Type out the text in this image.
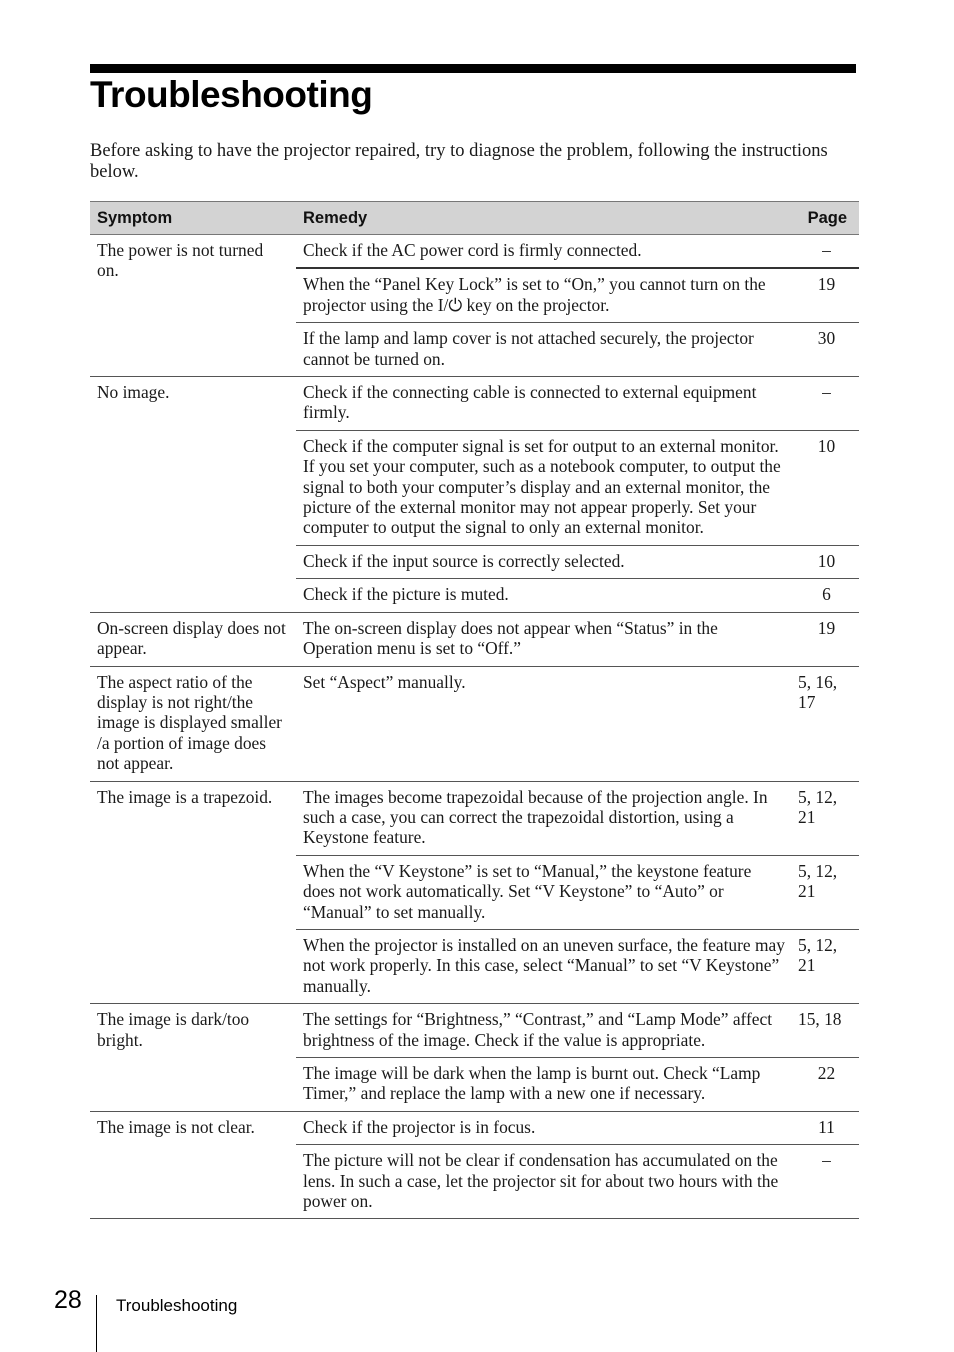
Troubleshooting

Before asking to have the projector repaired, try to diagnose the problem, following the instructions below.

Symptom	Remedy	Page
The power is not turned on.	Check if the AC power cord is firmly connected.	–
	When the “Panel Key Lock” is set to “On,” you cannot turn on the projector using the I/⏻ key on the projector.	19
	If the lamp and lamp cover is not attached securely, the projector cannot be turned on.	30
No image.	Check if the connecting cable is connected to external equipment firmly.	–
	Check if the computer signal is set for output to an external monitor. If you set your computer, such as a notebook computer, to output the signal to both your computer’s display and an external monitor, the picture of the external monitor may not appear properly. Set your computer to output the signal to only an external monitor.	10
	Check if the input source is correctly selected.	10
	Check if the picture is muted.	6
On-screen display does not appear.	The on-screen display does not appear when “Status” in the Operation menu is set to “Off.”	19
The aspect ratio of the display is not right/the image is displayed smaller /a portion of image does not appear.	Set “Aspect” manually.	5, 16, 17
The image is a trapezoid.	The images become trapezoidal because of the projection angle. In such a case, you can correct the trapezoidal distortion, using a Keystone feature.	5, 12, 21
	When the “V Keystone” is set to “Manual,” the keystone feature does not work automatically. Set “V Keystone” to “Auto” or “Manual” to set manually.	5, 12, 21
	When the projector is installed on an uneven surface, the feature may not work properly. In this case, select “Manual” to set “V Keystone” manually.	5, 12, 21
The image is dark/too bright.	The settings for “Brightness,” “Contrast,” and “Lamp Mode” affect brightness of the image. Check if the value is appropriate.	15, 18
	The image will be dark when the lamp is burnt out. Check “Lamp Timer,” and replace the lamp with a new one if necessary.	22
The image is not clear.	Check if the projector is in focus.	11
	The picture will not be clear if condensation has accumulated on the lens. In such a case, let the projector sit for about two hours with the power on.	–
28 Troubleshooting
